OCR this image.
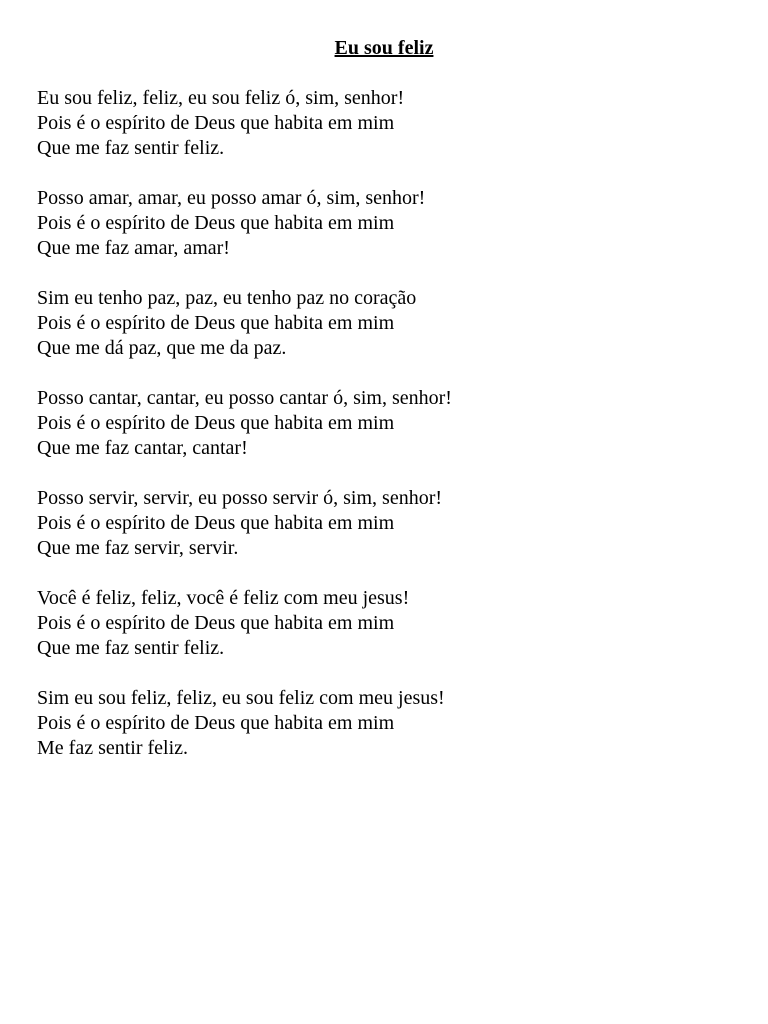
Eu sou feliz
Eu sou feliz, feliz, eu sou feliz ó, sim, senhor!
Pois é o espírito de Deus que habita em mim
Que me faz sentir feliz.
Posso amar, amar, eu posso amar ó, sim, senhor!
Pois é o espírito de Deus que habita em mim
Que me faz amar, amar!
Sim eu tenho paz, paz, eu tenho paz no coração
Pois é o espírito de Deus que habita em mim
Que me dá paz, que me da paz.
Posso cantar, cantar, eu posso cantar ó, sim, senhor!
Pois é o espírito de Deus que habita em mim
Que me faz cantar, cantar!
Posso servir, servir, eu posso servir ó, sim, senhor!
Pois é o espírito de Deus que habita em mim
Que me faz servir, servir.
Você é feliz, feliz, você é feliz com meu jesus!
Pois é o espírito de Deus que habita em mim
Que me faz sentir feliz.
Sim eu sou feliz, feliz, eu sou feliz com meu jesus!
Pois é o espírito de Deus que habita em mim
Me faz sentir feliz.
